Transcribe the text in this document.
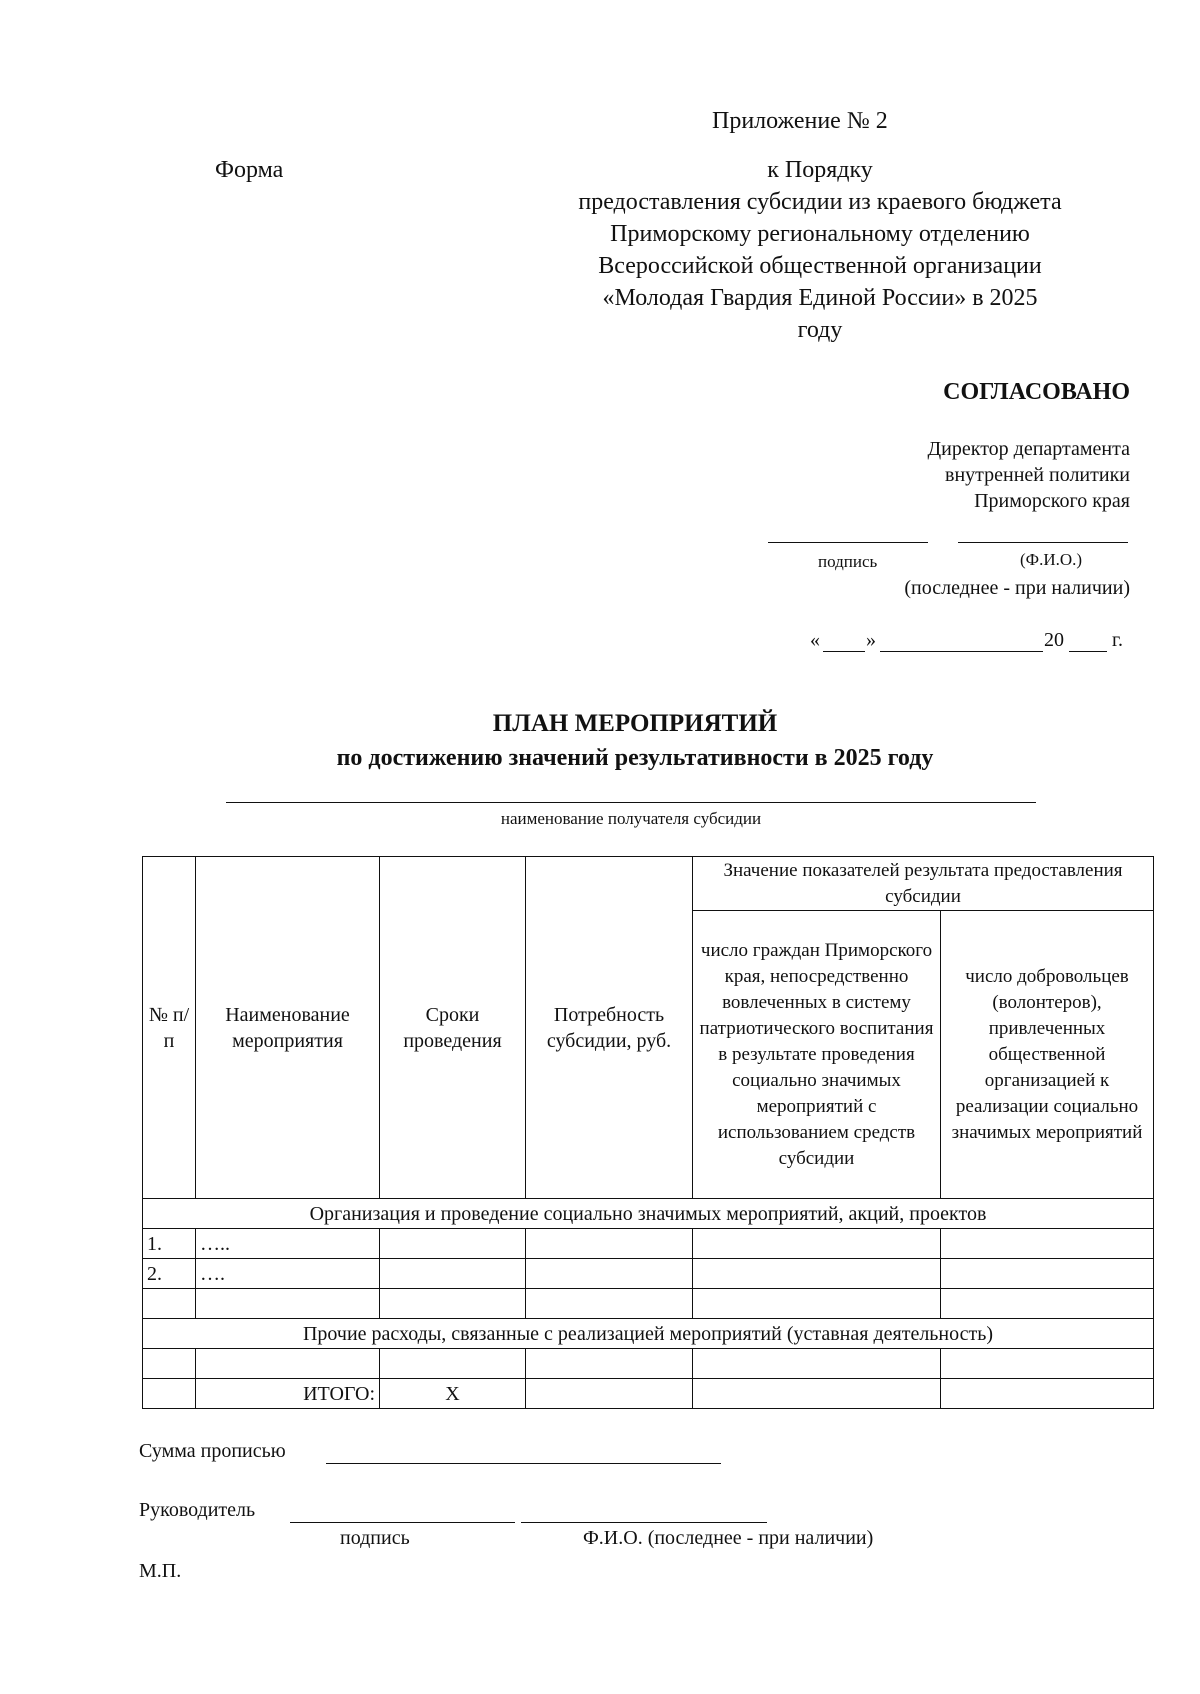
Приложение № 2
Форма	к Порядку
предоставления субсидии из краевого бюджета
Приморскому региональному отделению
Всероссийской общественной организации
«Молодая Гвардия Единой России» в 2025
году
СОГЛАСОВАНО
Директор департамента
внутренней политики
Приморского края
подпись	(Ф.И.О.)
(последнее - при наличии)
« »	20 г.
ПЛАН МЕРОПРИЯТИЙ
по достижению значений результативности в 2025 году
наименование получателя субсидии
№ п/п	Наименование мероприятия	Сроки проведения	Потребность субсидии, руб.	Значение показателей результата предоставления субсидии	
				число граждан Приморского края, непосредственно вовлеченных в систему патриотического воспитания в результате проведения социально значимых мероприятий с использованием средств субсидии	число добровольцев (волонтеров), привлеченных общественной организацией к реализации социально значимых мероприятий
Организация и проведение социально значимых мероприятий, акций, проектов					
1.	…..				
2.	….				

Прочие расходы, связанные с реализацией мероприятий (уставная деятельность)					

	ИТОГО:	Х			
Сумма прописью
Руководитель
подпись	Ф.И.О. (последнее - при наличии)
М.П.
